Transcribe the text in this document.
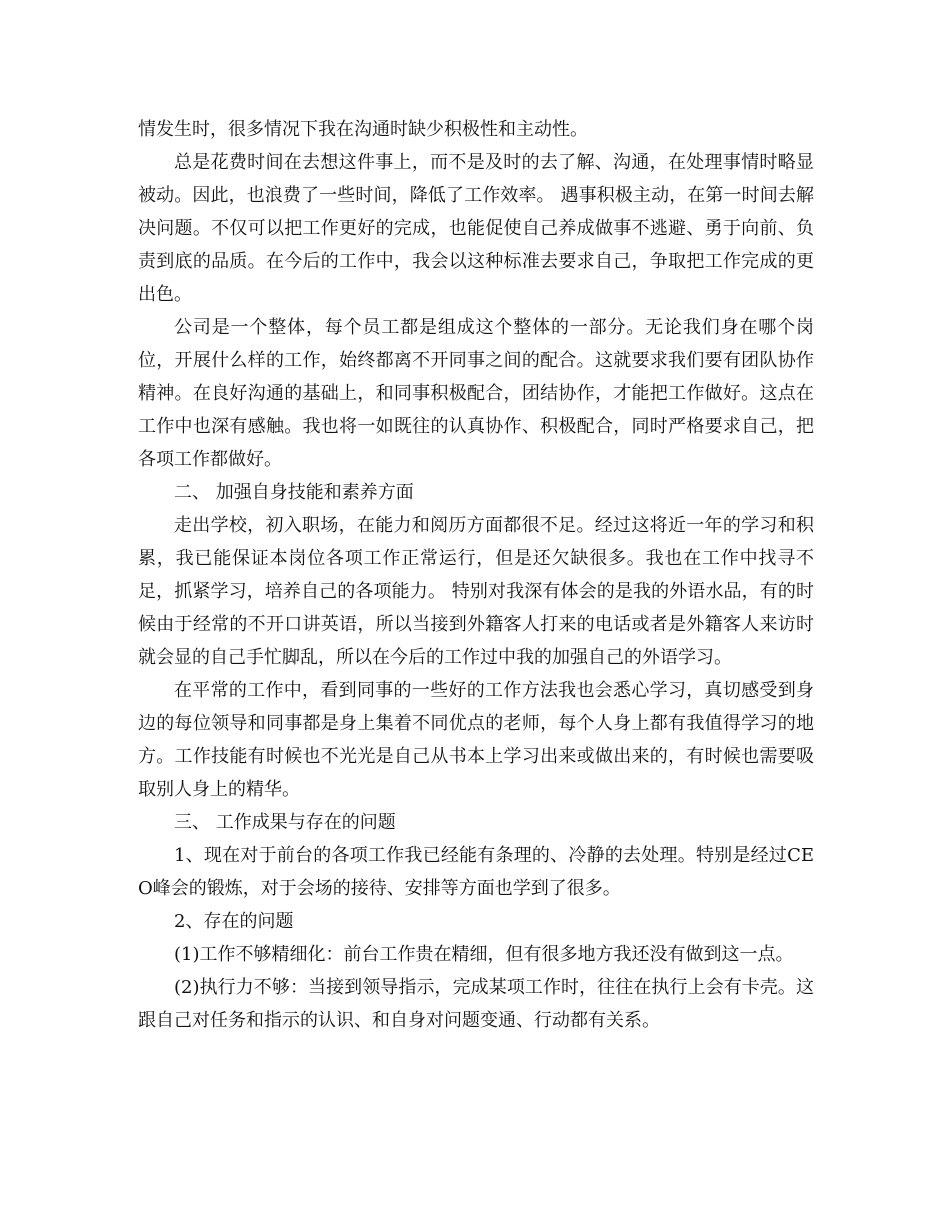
情发生时，很多情况下我在沟通时缺少积极性和主动性。

总是花费时间在去想这件事上，而不是及时的去了解、沟通，在处理事情时略显被动。因此，也浪费了一些时间，降低了工作效率。 遇事积极主动，在第一时间去解决问题。不仅可以把工作更好的完成，也能促使自己养成做事不逃避、勇于向前、负责到底的品质。在今后的工作中，我会以这种标准去要求自己，争取把工作完成的更出色。

公司是一个整体，每个员工都是组成这个整体的一部分。无论我们身在哪个岗位，开展什么样的工作，始终都离不开同事之间的配合。这就要求我们要有团队协作精神。在良好沟通的基础上，和同事积极配合，团结协作，才能把工作做好。这点在工作中也深有感触。我也将一如既往的认真协作、积极配合，同时严格要求自己，把各项工作都做好。

二、 加强自身技能和素养方面

走出学校，初入职场，在能力和阅历方面都很不足。经过这将近一年的学习和积累，我已能保证本岗位各项工作正常运行，但是还欠缺很多。我也在工作中找寻不足，抓紧学习，培养自己的各项能力。 特别对我深有体会的是我的外语水品，有的时候由于经常的不开口讲英语，所以当接到外籍客人打来的电话或者是外籍客人来访时就会显的自己手忙脚乱，所以在今后的工作过中我的加强自己的外语学习。

在平常的工作中，看到同事的一些好的工作方法我也会悉心学习，真切感受到身边的每位领导和同事都是身上集着不同优点的老师，每个人身上都有我值得学习的地方。工作技能有时候也不光光是自己从书本上学习出来或做出来的，有时候也需要吸取别人身上的精华。

三、 工作成果与存在的问题

1、现在对于前台的各项工作我已经能有条理的、冷静的去处理。特别是经过CEO峰会的锻炼，对于会场的接待、安排等方面也学到了很多。

2、存在的问题

(1)工作不够精细化：前台工作贵在精细，但有很多地方我还没有做到这一点。

(2)执行力不够：当接到领导指示，完成某项工作时，往往在执行上会有卡壳。这跟自己对任务和指示的认识、和自身对问题变通、行动都有关系。
